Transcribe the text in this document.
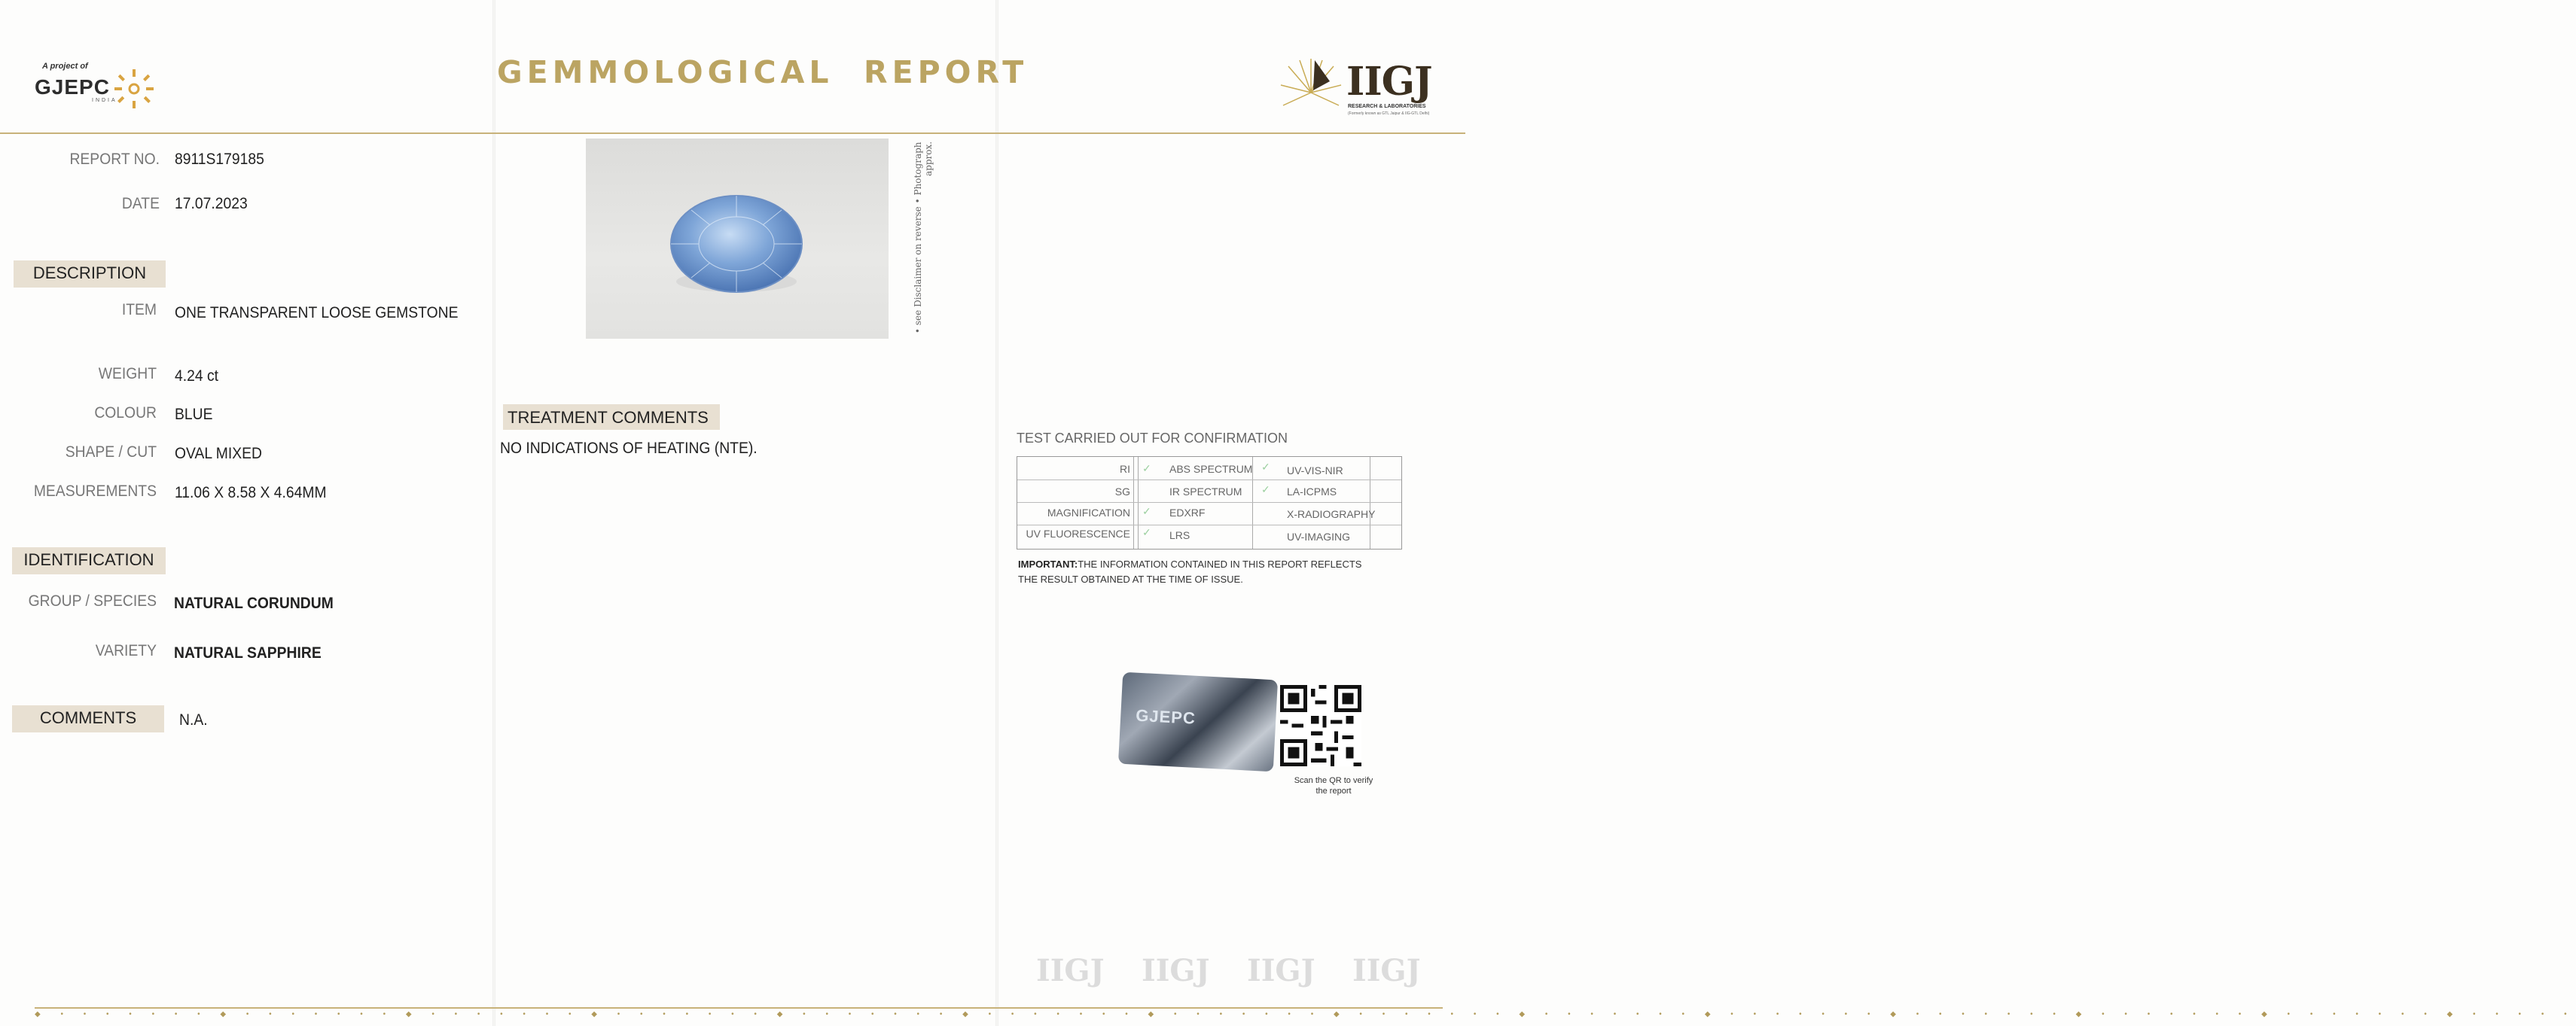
A project of
GJEPC
INDIA
GEMMOLOGICAL  REPORT	IIGJ
RESEARCH & LABORATORIES
(Formerly known as GTL Jaipur & IIG-GTL Delhi)
REPORT NO. 8911S179185
DATE 17.07.2023
DESCRIPTION
ITEM ONE TRANSPARENT LOOSE GEMSTONE
WEIGHT 4.24 ct
COLOUR BLUE
SHAPE / CUT OVAL MIXED
MEASUREMENTS 11.06 X 8.58 X 4.64MM
IDENTIFICATION
GROUP / SPECIES NATURAL CORUNDUM
VARIETY NATURAL SAPPHIRE
COMMENTS	N.A.
• see Disclaimer on reverse • Photograph approx.
TREATMENT COMMENTS
NO INDICATIONS OF HEATING (NTE).
TEST CARRIED OUT FOR CONFIRMATION
RI
SG
MAGNIFICATION
UV FLUORESCENCE
✓
✓
✓
ABS SPECTRUM
IR SPECTRUM
EDXRF
LRS
✓
✓
UV-VIS-NIR
LA-ICPMS
X-RADIOGRAPHY
UV-IMAGING
IMPORTANT:THE INFORMATION CONTAINED IN THIS REPORT REFLECTS THE RESULT OBTAINED AT THE TIME OF ISSUE.
GJEPC
Scan the QR to verify the report
IIGJ IIGJ IIGJ IIGJ
◆ • • • • • • • ◆ • • • • • • • ◆ • • • • • • • ◆ • • • • • • • ◆ • • • • • • • ◆ • • • • • • • ◆ • • • • • • • ◆ • • • • • • • ◆ • • • • • • • ◆ • • • • • • • ◆ • • • • • • • ◆ • • • • • • • ◆ • • • • • • • ◆ • • • • •
